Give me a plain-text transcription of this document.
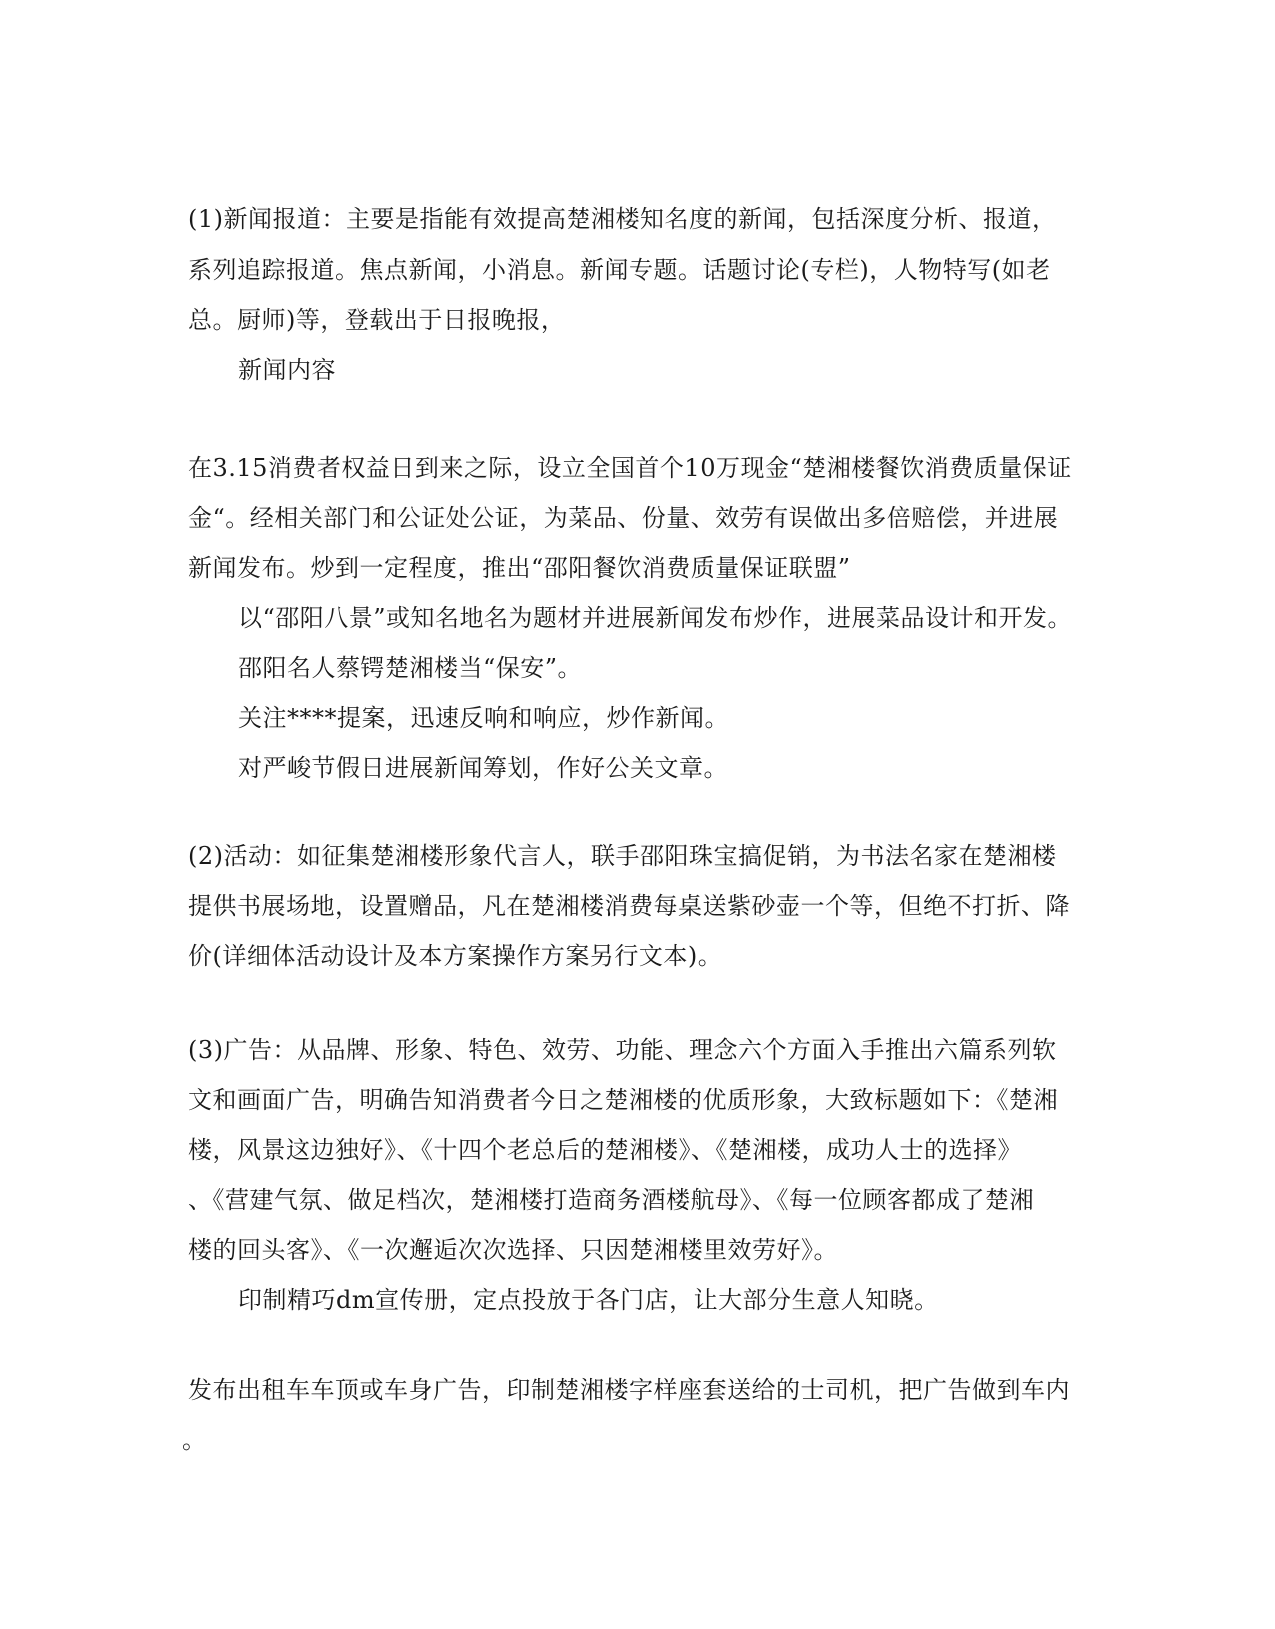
(1)新闻报道：主要是指能有效提高楚湘楼知名度的新闻，包括深度分析、报道，
系列追踪报道。焦点新闻，小消息。新闻专题。话题讨论(专栏)，人物特写(如老
总。厨师)等，登载出于日报晚报，
新闻内容
在3.15消费者权益日到来之际，设立全国首个10万现金“楚湘楼餐饮消费质量保证
金“。经相关部门和公证处公证，为菜品、份量、效劳有误做出多倍赔偿，并进展
新闻发布。炒到一定程度，推出“邵阳餐饮消费质量保证联盟”
以“邵阳八景”或知名地名为题材并进展新闻发布炒作，进展菜品设计和开发。
邵阳名人蔡锷楚湘楼当“保安”。
关注****提案，迅速反响和响应，炒作新闻。
对严峻节假日进展新闻筹划，作好公关文章。
(2)活动：如征集楚湘楼形象代言人，联手邵阳珠宝搞促销，为书法名家在楚湘楼
提供书展场地，设置赠品，凡在楚湘楼消费每桌送紫砂壶一个等，但绝不打折、降
价(详细体活动设计及本方案操作方案另行文本)。
(3)广告：从品牌、形象、特色、效劳、功能、理念六个方面入手推出六篇系列软
文和画面广告，明确告知消费者今日之楚湘楼的优质形象，大致标题如下：《楚湘
楼，风景这边独好》、《十四个老总后的楚湘楼》、《楚湘楼，成功人士的选择》
、《营建气氛、做足档次，楚湘楼打造商务酒楼航母》、《每一位顾客都成了楚湘
楼的回头客》、《一次邂逅次次选择、只因楚湘楼里效劳好》。
印制精巧dm宣传册，定点投放于各门店，让大部分生意人知晓。
发布出租车车顶或车身广告，印制楚湘楼字样座套送给的士司机，把广告做到车内
。
